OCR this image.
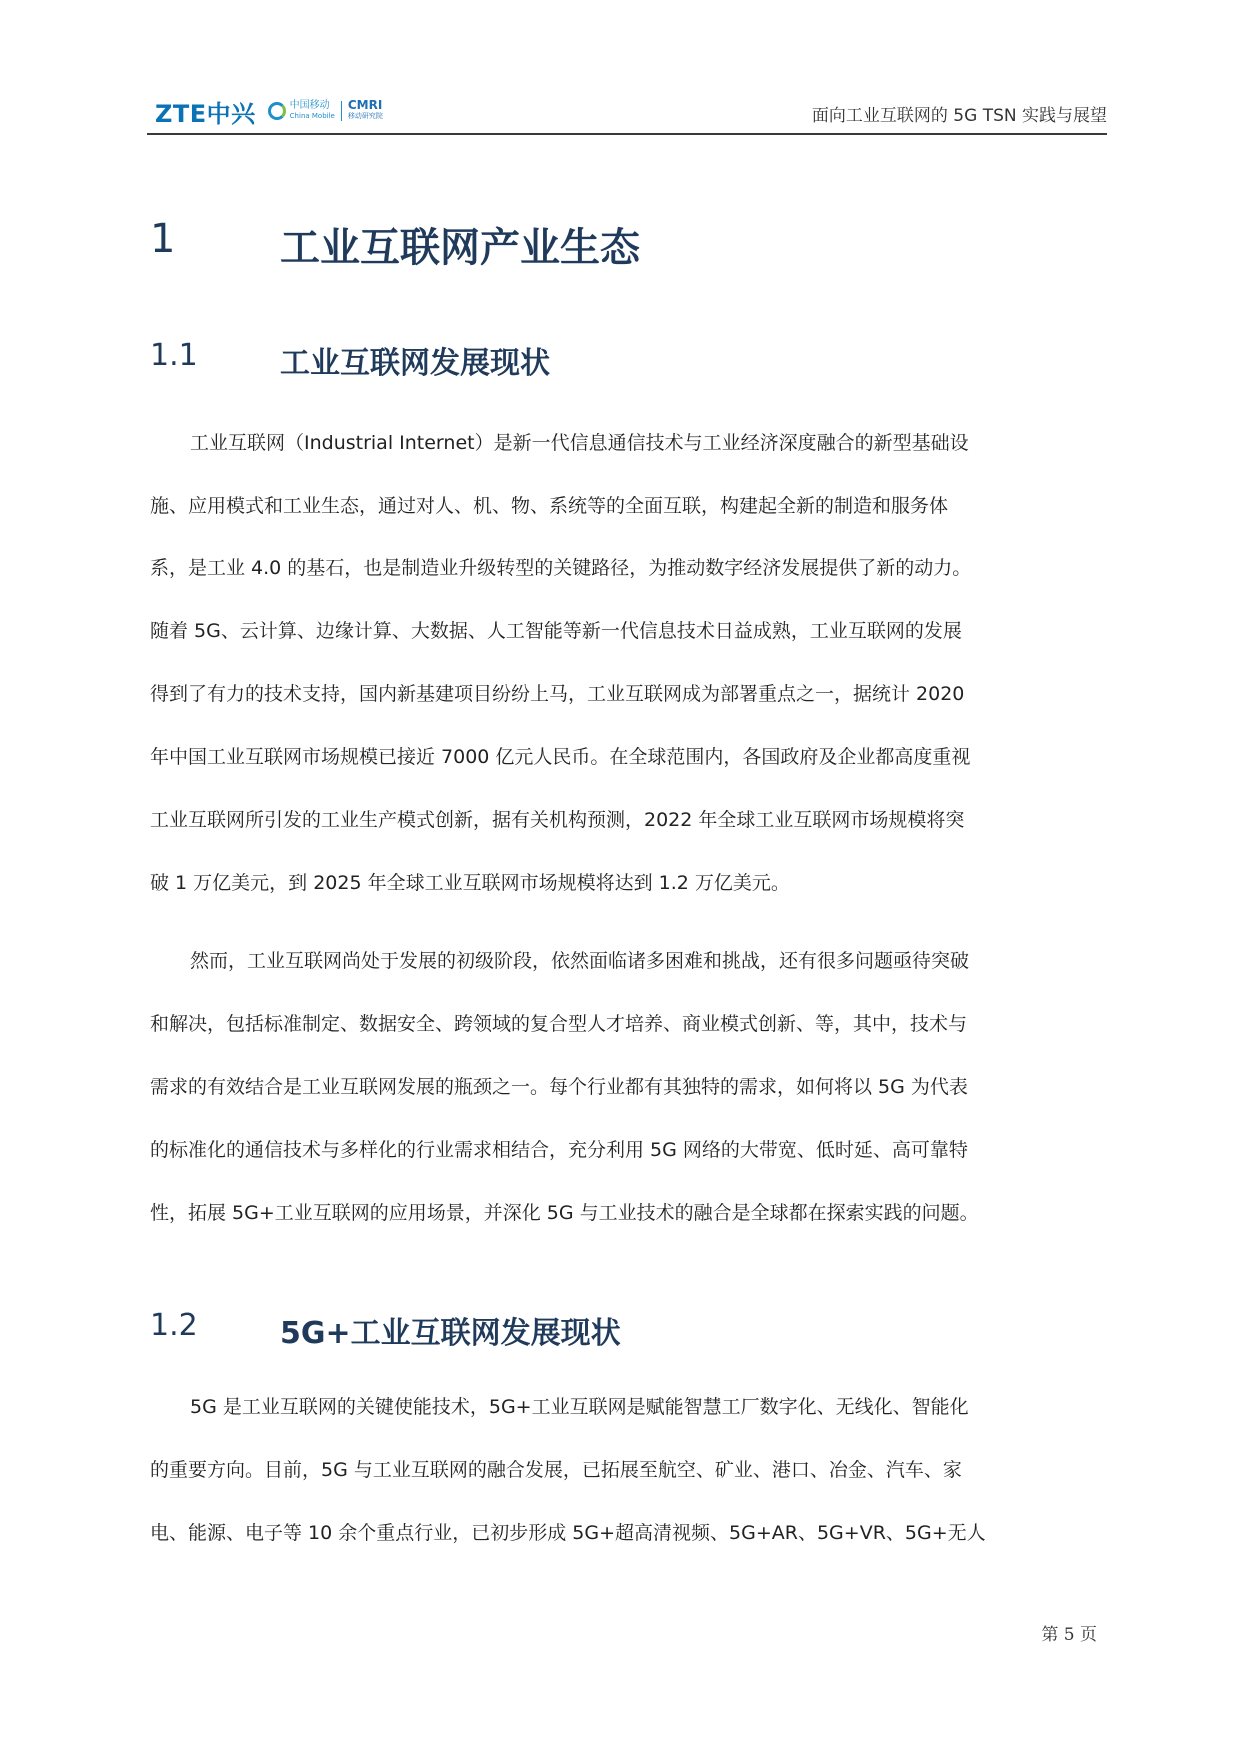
ZTE中兴	中国移动
China Mobile
CMRI
移动研究院	面向工业互联网的 5G TSN 实践与展望
1	工业互联网产业生态
1.1	工业互联网发展现状
工业互联网（Industrial Internet）是新一代信息通信技术与工业经济深度融合的新型基础设
施、应用模式和工业生态，通过对人、机、物、系统等的全面互联，构建起全新的制造和服务体
系，是工业 4.0 的基石，也是制造业升级转型的关键路径，为推动数字经济发展提供了新的动力。
随着 5G、云计算、边缘计算、大数据、人工智能等新一代信息技术日益成熟，工业互联网的发展
得到了有力的技术支持，国内新基建项目纷纷上马，工业互联网成为部署重点之一，据统计 2020
年中国工业互联网市场规模已接近 7000 亿元人民币。在全球范围内，各国政府及企业都高度重视
工业互联网所引发的工业生产模式创新，据有关机构预测，2022 年全球工业互联网市场规模将突
破 1 万亿美元，到 2025 年全球工业互联网市场规模将达到 1.2 万亿美元。
然而，工业互联网尚处于发展的初级阶段，依然面临诸多困难和挑战，还有很多问题亟待突破
和解决，包括标准制定、数据安全、跨领域的复合型人才培养、商业模式创新、等，其中，技术与
需求的有效结合是工业互联网发展的瓶颈之一。每个行业都有其独特的需求，如何将以 5G 为代表
的标准化的通信技术与多样化的行业需求相结合，充分利用 5G 网络的大带宽、低时延、高可靠特
性，拓展 5G+工业互联网的应用场景，并深化 5G 与工业技术的融合是全球都在探索实践的问题。
1.2	5G+工业互联网发展现状
5G 是工业互联网的关键使能技术，5G+工业互联网是赋能智慧工厂数字化、无线化、智能化
的重要方向。目前，5G 与工业互联网的融合发展，已拓展至航空、矿业、港口、冶金、汽车、家
电、能源、电子等 10 余个重点行业，已初步形成 5G+超高清视频、5G+AR、5G+VR、5G+无人
第 5 页
